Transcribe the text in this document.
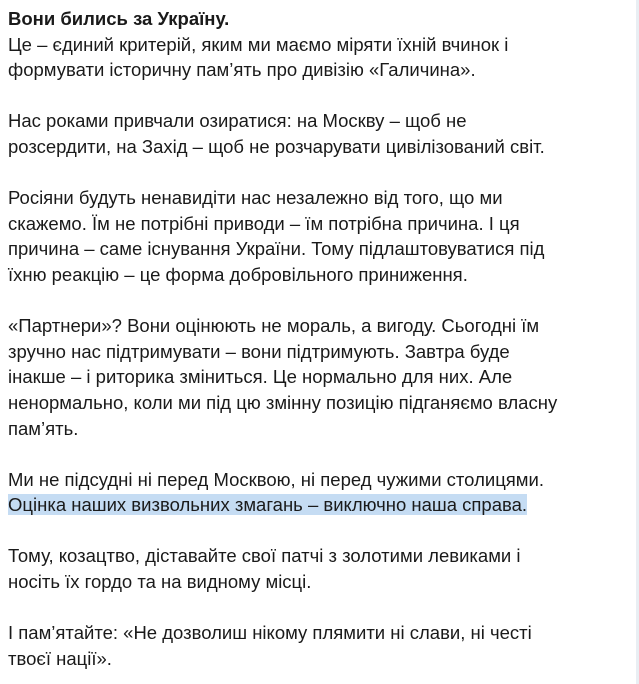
Вони бились за Україну.

Це – єдиний критерій, яким ми маємо міряти їхній вчинок і
формувати історичну пам’ять про дивізію «Галичина».

Нас роками привчали озиратися: на Москву – щоб не
розсердити, на Захід – щоб не розчарувати цивілізований світ.

Росіяни будуть ненавидіти нас незалежно від того, що ми
скажемо. Їм не потрібні приводи – їм потрібна причина. І ця
причина – саме існування України. Тому підлаштовуватися під
їхню реакцію – це форма добровільного приниження.

«Партнери»? Вони оцінюють не мораль, а вигоду. Сьогодні їм
зручно нас підтримувати – вони підтримують. Завтра буде
інакше – і риторика зміниться. Це нормально для них. Але
ненормально, коли ми під цю змінну позицію підганяємо власну
пам’ять.

Ми не підсудні ні перед Москвою, ні перед чужими столицями.
Оцінка наших визвольних змагань – виключно наша справа.

Тому, козацтво, діставайте свої патчі з золотими левиками і
носіть їх гордо та на видному місці.

І пам’ятайте: «Не дозволиш нікому плямити ні слави, ні честі
твоєї нації».
